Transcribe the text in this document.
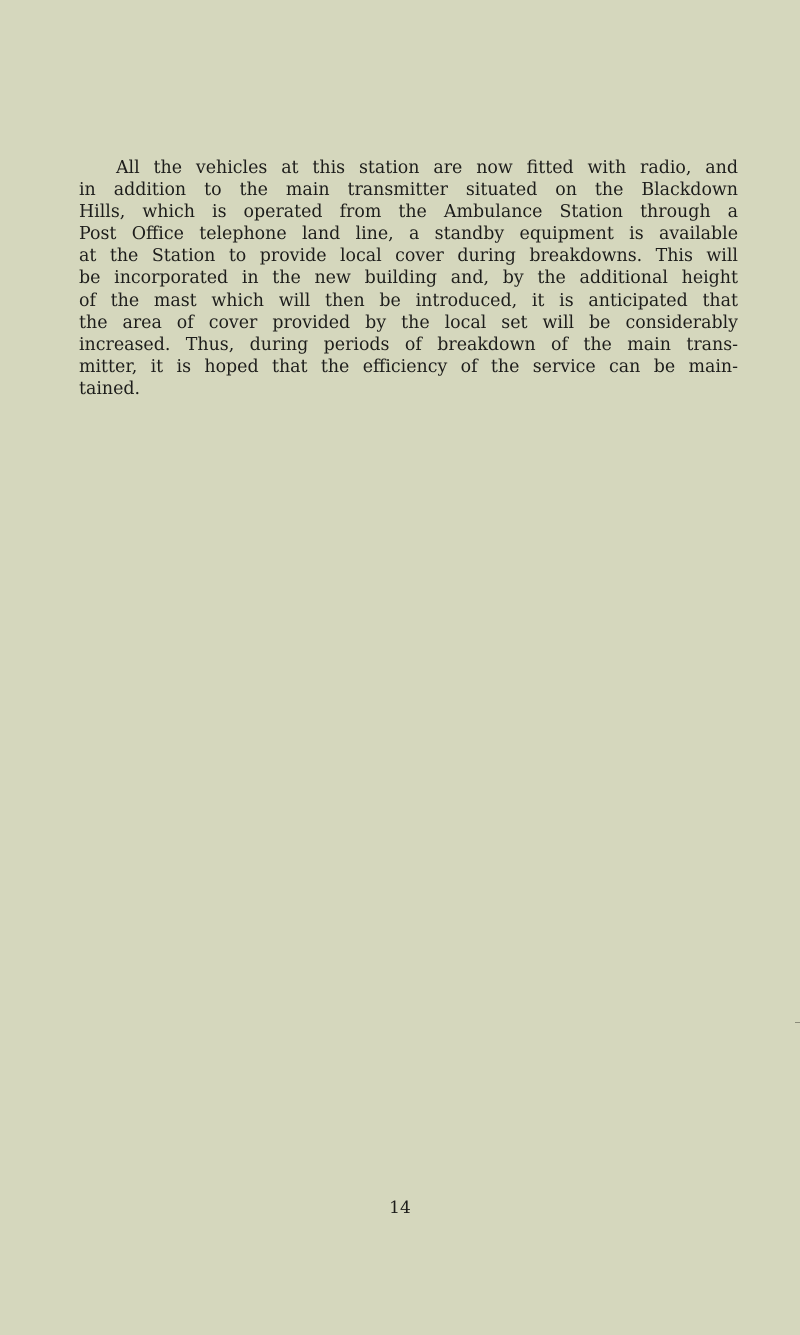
All the vehicles at this station are now fitted with radio, and
in addition to the main transmitter situated on the Blackdown
Hills, which is operated from the Ambulance Station through a
Post Office telephone land line, a standby equipment is available
at the Station to provide local cover during breakdowns. This will
be incorporated in the new building and, by the additional height
of the mast which will then be introduced, it is anticipated that
the area of cover provided by the local set will be considerably
increased. Thus, during periods of breakdown of the main trans-
mitter, it is hoped that the efficiency of the service can be main-
tained.

14
